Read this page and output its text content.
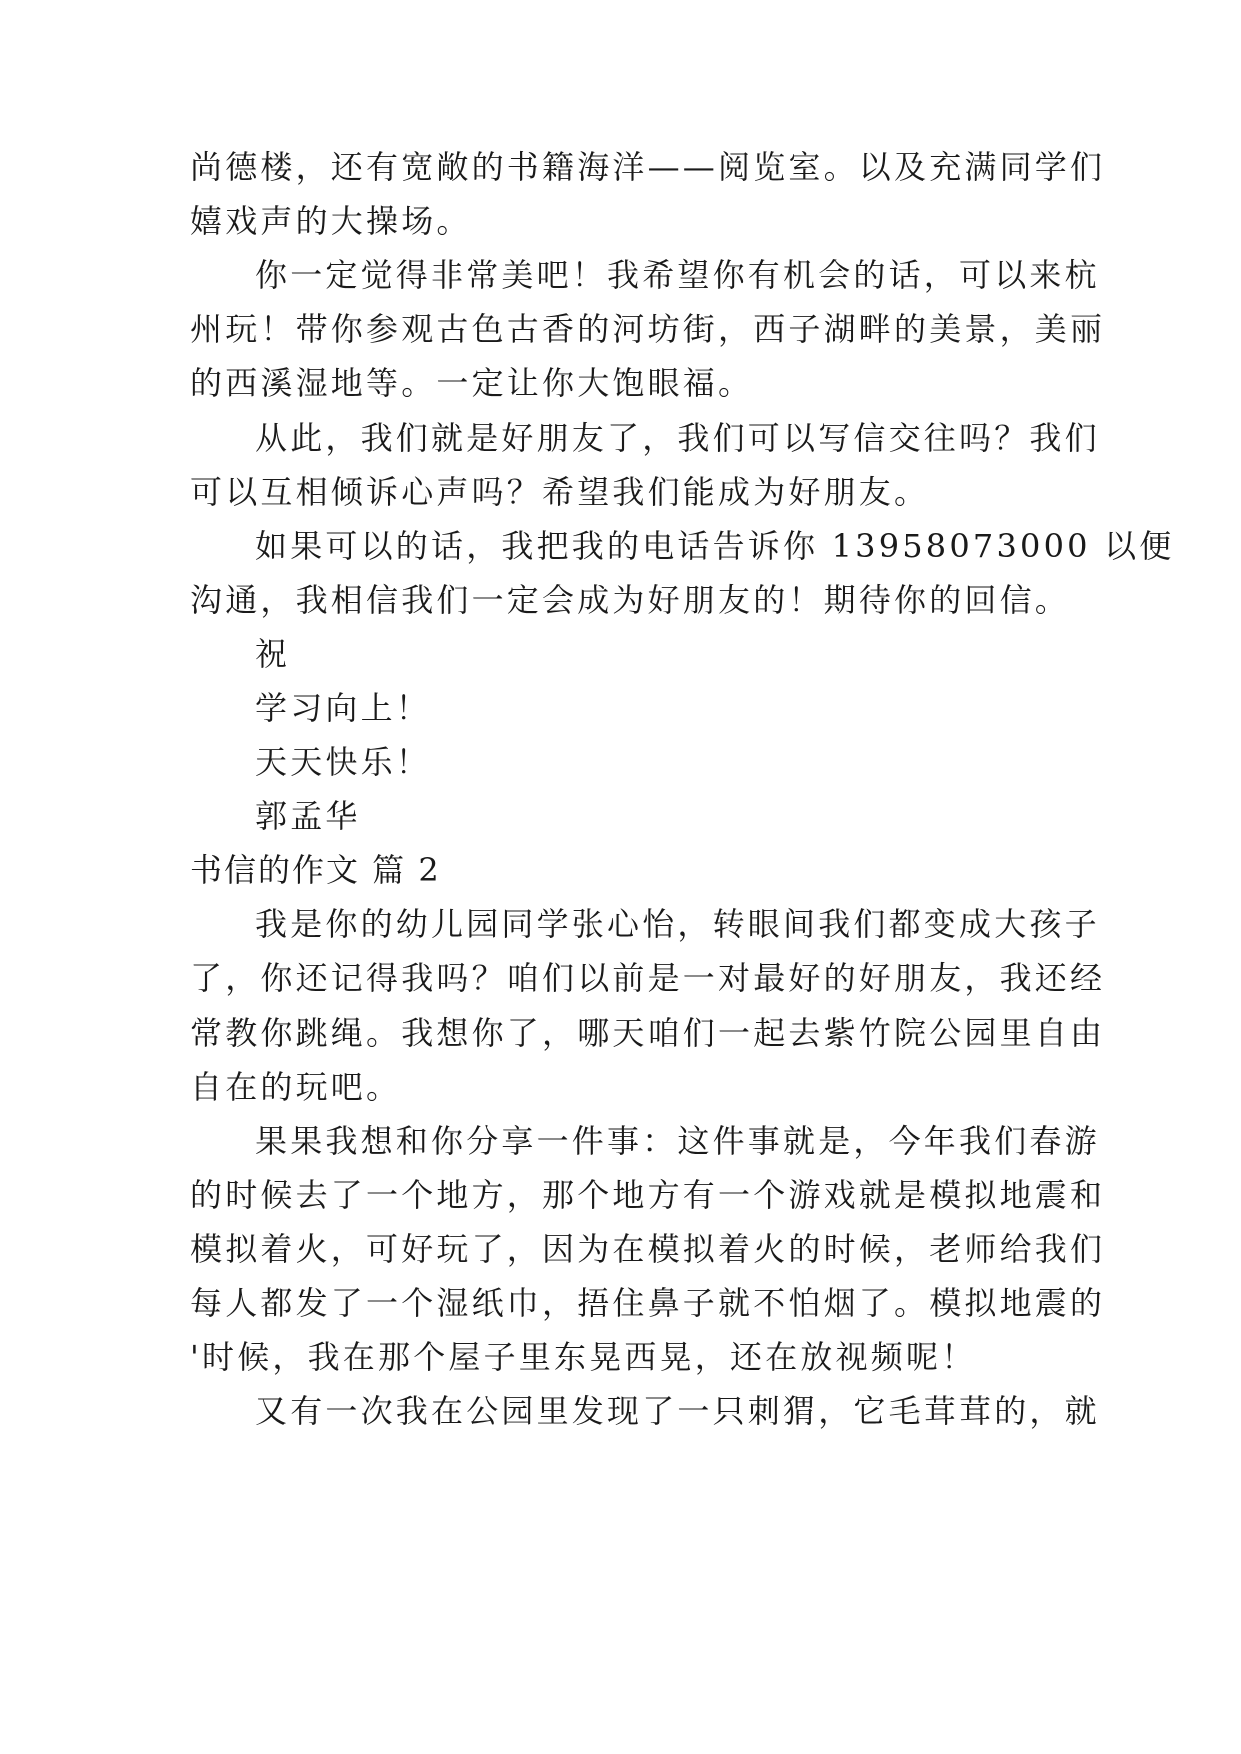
尚德楼，还有宽敞的书籍海洋——阅览室。以及充满同学们
嬉戏声的大操场。
你一定觉得非常美吧！我希望你有机会的话，可以来杭
州玩！带你参观古色古香的河坊街，西子湖畔的美景，美丽
的西溪湿地等。一定让你大饱眼福。
从此，我们就是好朋友了，我们可以写信交往吗？我们
可以互相倾诉心声吗？希望我们能成为好朋友。
如果可以的话，我把我的电话告诉你 13958073000 以便
沟通，我相信我们一定会成为好朋友的！期待你的回信。
祝
学习向上！
天天快乐！
郭孟华
书信的作文 篇 2
我是你的幼儿园同学张心怡，转眼间我们都变成大孩子
了，你还记得我吗？咱们以前是一对最好的好朋友，我还经
常教你跳绳。我想你了，哪天咱们一起去紫竹院公园里自由
自在的玩吧。
果果我想和你分享一件事：这件事就是，今年我们春游
的时候去了一个地方，那个地方有一个游戏就是模拟地震和
模拟着火，可好玩了，因为在模拟着火的时候，老师给我们
每人都发了一个湿纸巾，捂住鼻子就不怕烟了。模拟地震的
'时候，我在那个屋子里东晃西晃，还在放视频呢！
又有一次我在公园里发现了一只刺猬，它毛茸茸的，就
